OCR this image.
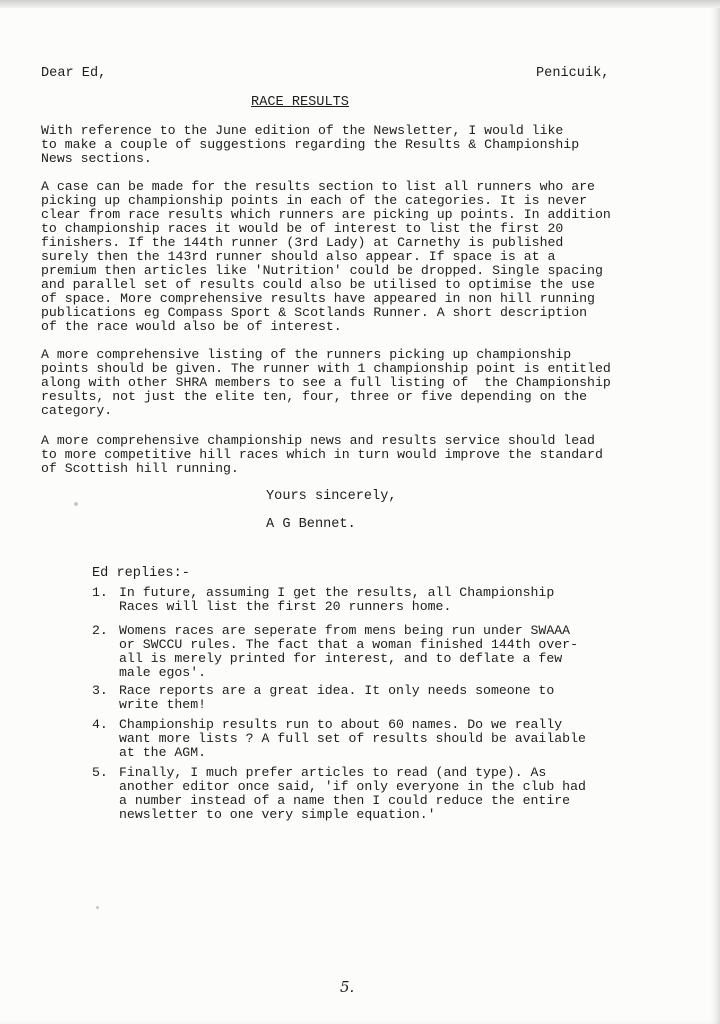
Dear Ed,	Penicuik,
RACE RESULTS
With reference to the June edition of the Newsletter, I would like
to make a couple of suggestions regarding the Results & Championship
News sections.
A case can be made for the results section to list all runners who are
picking up championship points in each of the categories. It is never
clear from race results which runners are picking up points. In addition
to championship races it would be of interest to list the first 20
finishers. If the 144th runner (3rd Lady) at Carnethy is published
surely then the 143rd runner should also appear. If space is at a
premium then articles like 'Nutrition' could be dropped. Single spacing
and parallel set of results could also be utilised to optimise the use
of space. More comprehensive results have appeared in non hill running
publications eg Compass Sport & Scotlands Runner. A short description
of the race would also be of interest.
A more comprehensive listing of the runners picking up championship
points should be given. The runner with 1 championship point is entitled
along with other SHRA members to see a full listing of  the Championship
results, not just the elite ten, four, three or five depending on the
category.
A more comprehensive championship news and results service should lead
to more competitive hill races which in turn would improve the standard
of Scottish hill running.
Yours sincerely,
A G Bennet.
Ed replies:-
1. In future, assuming I get the results, all Championship
Races will list the first 20 runners home.
2. Womens races are seperate from mens being run under SWAAA
or SWCCU rules. The fact that a woman finished 144th over-
all is merely printed for interest, and to deflate a few
male egos'.
3. Race reports are a great idea. It only needs someone to
write them!
4. Championship results run to about 60 names. Do we really
want more lists ? A full set of results should be available
at the AGM.
5. Finally, I much prefer articles to read (and type). As
another editor once said, 'if only everyone in the club had
a number instead of a name then I could reduce the entire
newsletter to one very simple equation.'
5.
